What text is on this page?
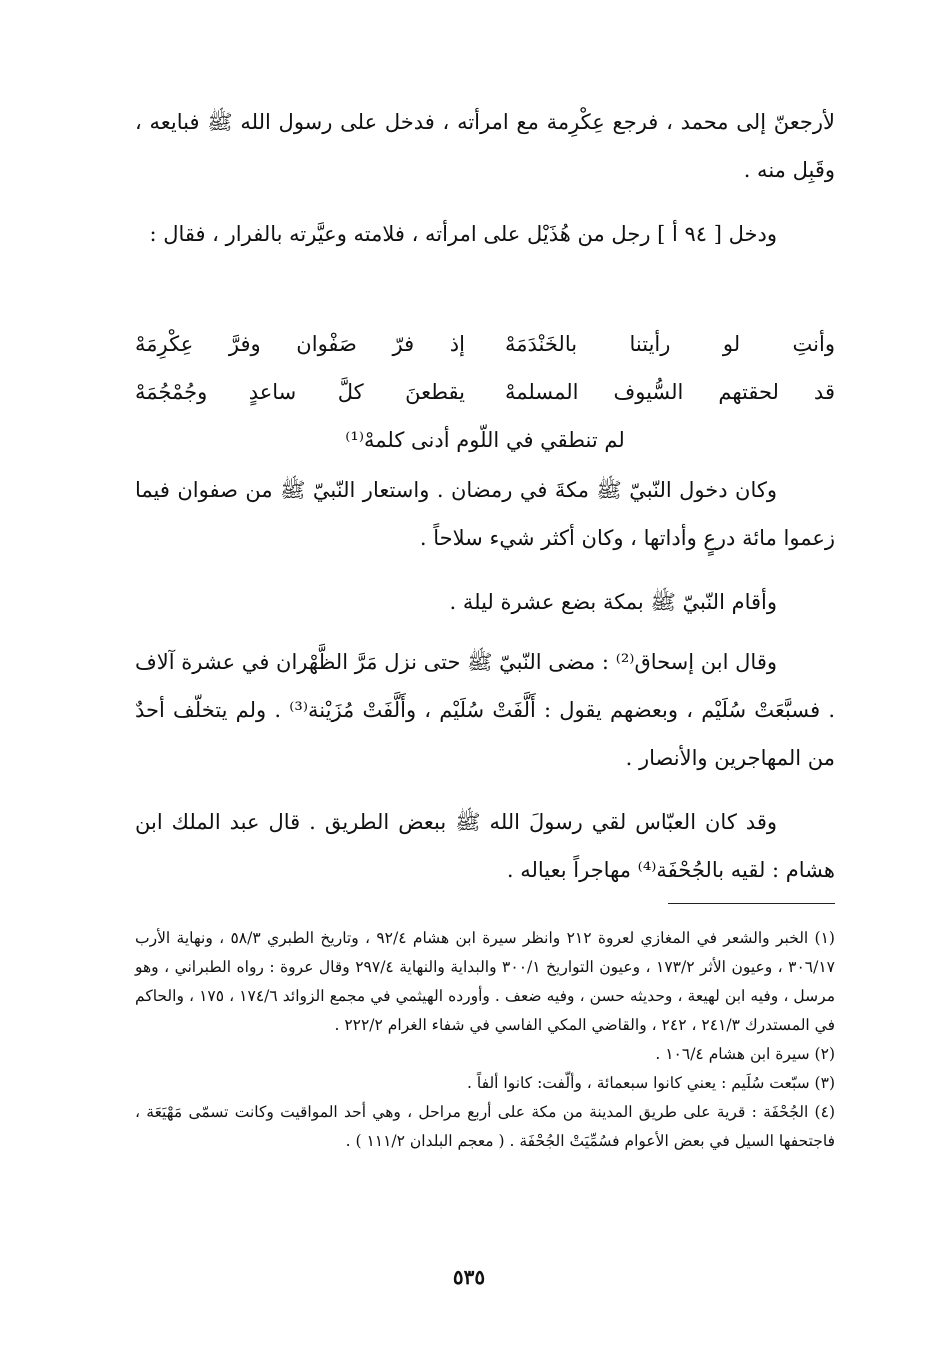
لأرجعنّ إلى محمد ، فرجع عِكْرِمة مع امرأته ، فدخل على رسول الله ﷺ فبايعه ، وقَبِل منه .

ودخل [ ٩٤ أ ] رجل من هُذَيْل على امرأته ، فلامته وعيَّرته بالفرار ، فقال :

وأنتِ لو رأيتنا بالخَنْدَمَهْ
إذ فرّ صَفْوان وفرَّ عِكْرِمَهْ
قد لحقتهم السُّيوف المسلمهْ
يقطعنَ كلَّ ساعدٍ وجُمْجُمَهْ
لم تنطقي في اللّوم أدنى كلمهْ⁽¹⁾

وكان دخول النّبيّ ﷺ مكةَ في رمضان . واستعار النّبيّ ﷺ من صفوان فيما زعموا مائة درعٍ وأداتها ، وكان أكثر شيء سلاحاً .

وأقام النّبيّ ﷺ بمكة بضع عشرة ليلة .

وقال ابن إسحاق⁽²⁾ : مضى النّبيّ ﷺ حتى نزل مَرَّ الظَّهْران في عشرة آلاف . فسبَّعَتْ سُلَيْم ، وبعضهم يقول : أَلَّفَتْ سُلَيْم ، وأَلَّفَتْ مُزَيْنة⁽³⁾ . ولم يتخلّف أحدٌ من المهاجرين والأنصار .

وقد كان العبّاس لقي رسولَ الله ﷺ ببعض الطريق . قال عبد الملك ابن هشام : لقيه بالجُحْفَة⁽⁴⁾ مهاجراً بعياله .

(١) الخبر والشعر في المغازي لعروة ٢١٢ وانظر سيرة ابن هشام ٩٢/٤ ، وتاريخ الطبري ٥٨/٣ ، ونهاية الأرب ٣٠٦/١٧ ، وعيون الأثر ١٧٣/٢ ، وعيون التواريخ ٣٠٠/١ والبداية والنهاية ٢٩٧/٤ وقال عروة : رواه الطبراني ، وهو مرسل ، وفيه ابن لهيعة ، وحديثه حسن ، وفيه ضعف . وأورده الهيثمي في مجمع الزوائد ١٧٤/٦ ، ١٧٥ ، والحاكم في المستدرك ٢٤١/٣ ، ٢٤٢ ، والقاضي المكي الفاسي في شفاء الغرام ٢٢٢/٢ .

(٢) سيرة ابن هشام ١٠٦/٤ .

(٣) سبّعت سُلَيم : يعني كانوا سبعمائة ، وألّفت: كانوا ألفاً .

(٤) الجُحْفَة : قرية على طريق المدينة من مكة على أربع مراحل ، وهي أحد المواقيت وكانت تسمّى مَهْيَعَة ، فاجتحفها السيل في بعض الأعوام فسُمِّيَتْ الجُحْفَة . ( معجم البلدان ١١١/٢ ) .

٥٣٥
